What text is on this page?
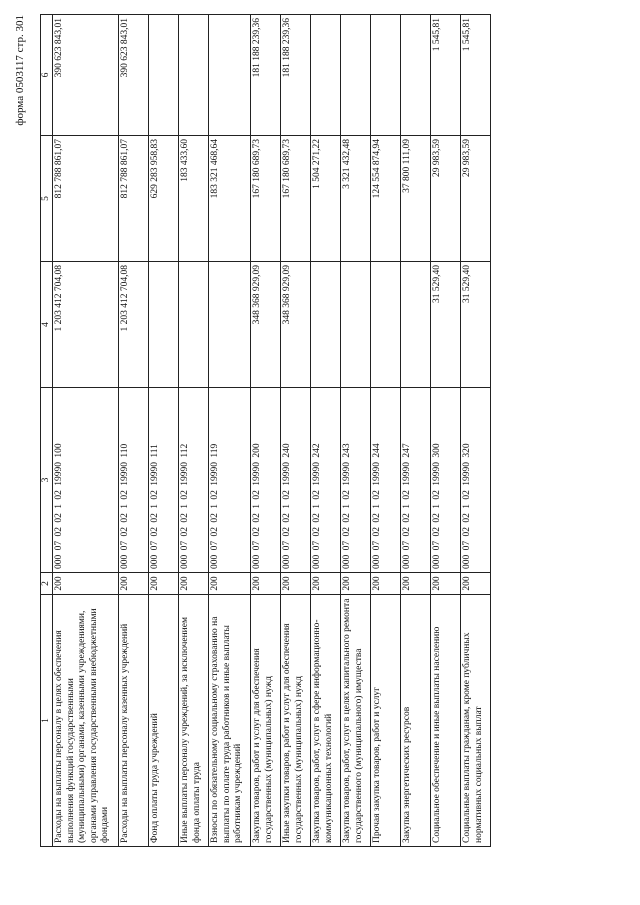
форма 0503117 стр. 301
1	2	3	4	5	6
Расходы на выплаты персоналу в целях обеспечения выполнения функций государственными (муниципальными) органами, казенными учреждениями, органами управления государственными внебюджетными фондами	200	000 07 02 02 1 02 19990 100	1 203 412 704,08	812 788 861,07	390 623 843,01
Расходы на выплаты персоналу казенных учреждений	200	000 07 02 02 1 02 19990 110	1 203 412 704,08	812 788 861,07	390 623 843,01
Фонд оплаты труда учреждений	200	000 07 02 02 1 02 19990 111		629 283 958,83	
Иные выплаты персоналу учреждений, за исключением фонда оплаты труда	200	000 07 02 02 1 02 19990 112		183 433,60	
Взносы по обязательному социальному страхованию на выплаты по оплате труда работников и иные выплаты работникам учреждений	200	000 07 02 02 1 02 19990 119		183 321 468,64	
Закупка товаров, работ и услуг для обеспечения государственных (муниципальных) нужд	200	000 07 02 02 1 02 19990 200	348 368 929,09	167 180 689,73	181 188 239,36
Иные закупки товаров, работ и услуг для обеспечения государственных (муниципальных) нужд	200	000 07 02 02 1 02 19990 240	348 368 929,09	167 180 689,73	181 188 239,36
Закупка товаров, работ, услуг в сфере информационно-коммуникационных технологий	200	000 07 02 02 1 02 19990 242		1 504 271,22	
Закупка товаров, работ, услуг в целях капитального ремонта государственного (муниципального) имущества	200	000 07 02 02 1 02 19990 243		3 321 432,48	
Прочая закупка товаров, работ и услуг	200	000 07 02 02 1 02 19990 244		124 554 874,94	
Закупка энергетических ресурсов	200	000 07 02 02 1 02 19990 247		37 800 111,09	
Социальное обеспечение и иные выплаты населению	200	000 07 02 02 1 02 19990 300	31 529,40	29 983,59	1 545,81
Социальные выплаты гражданам, кроме публичных нормативных социальных выплат	200	000 07 02 02 1 02 19990 320	31 529,40	29 983,59	1 545,81
